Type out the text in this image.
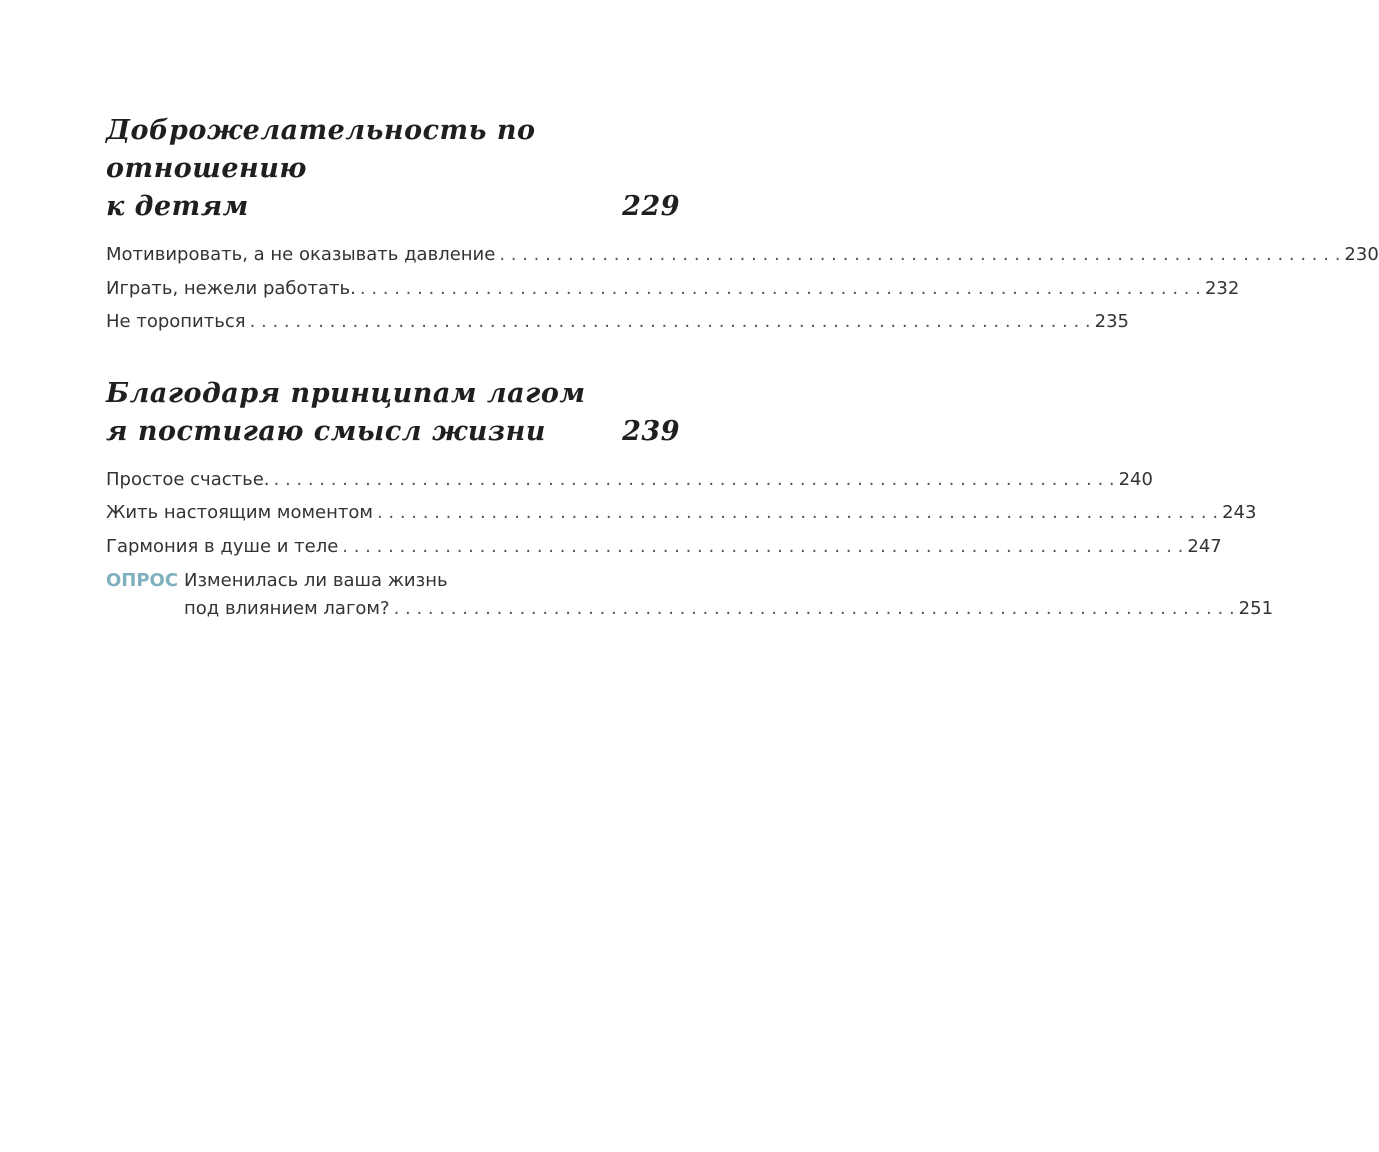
Доброжелательность по отношению
к детям	229
Мотивировать, а не оказывать давление . . .	230
Играть, нежели работать. . . .	232
Не торопиться . . .	235
Благодаря принципам лагом
я постигаю смысл жизни	239
Простое счастье. . . .	240
Жить настоящим моментом . . .	243
Гармония в душе и теле . . .	247
ОПРОС Изменилась ли ваша жизнь
под влиянием лагом? . . .	251
